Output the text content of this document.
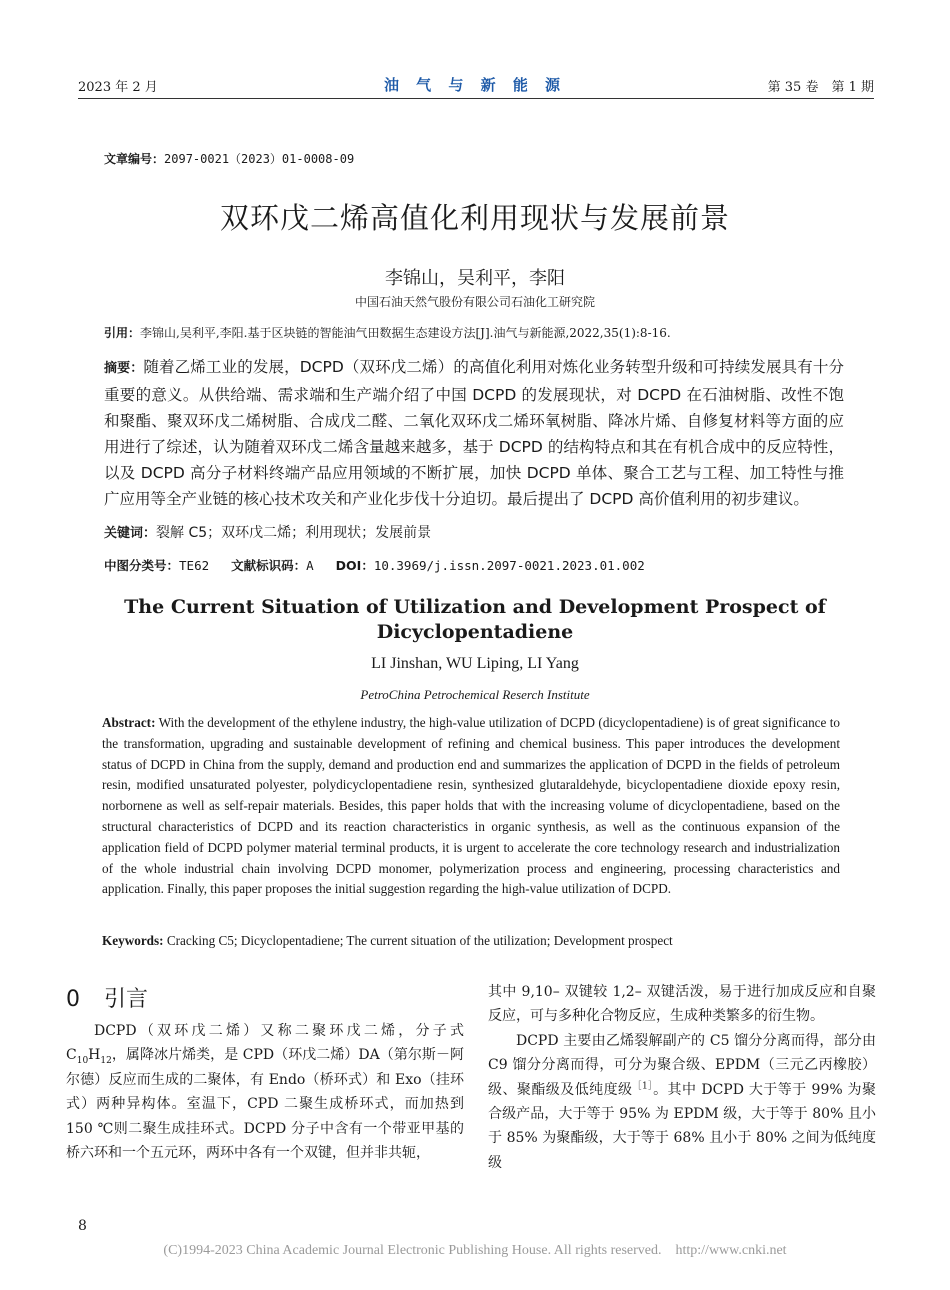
2023 年 2 月	油 气 与 新 能 源	第 35 卷　第 1 期
文章编号：2097-0021（2023）01-0008-09
双环戊二烯高值化利用现状与发展前景
李锦山，吴利平，李阳
中国石油天然气股份有限公司石油化工研究院
引用：李锦山,吴利平,李阳.基于区块链的智能油气田数据生态建设方法[J].油气与新能源,2022,35(1):8-16.
摘要：随着乙烯工业的发展，DCPD（双环戊二烯）的高值化利用对炼化业务转型升级和可持续发展具有十分重要的意义。从供给端、需求端和生产端介绍了中国 DCPD 的发展现状，对 DCPD 在石油树脂、改性不饱和聚酯、聚双环戊二烯树脂、合成戊二醛、二氧化双环戊二烯环氧树脂、降冰片烯、自修复材料等方面的应用进行了综述，认为随着双环戊二烯含量越来越多，基于 DCPD 的结构特点和其在有机合成中的反应特性，以及 DCPD 高分子材料终端产品应用领域的不断扩展，加快 DCPD 单体、聚合工艺与工程、加工特性与推广应用等全产业链的核心技术攻关和产业化步伐十分迫切。最后提出了 DCPD 高价值利用的初步建议。
关键词：裂解 C5；双环戊二烯；利用现状；发展前景
中图分类号：TE62 文献标识码：A DOI：10.3969/j.issn.2097-0021.2023.01.002
The Current Situation of Utilization and Development Prospect of
Dicyclopentadiene
LI Jinshan, WU Liping, LI Yang
PetroChina Petrochemical Reserch Institute
Abstract: With the development of the ethylene industry, the high-value utilization of DCPD (dicyclopentadiene) is of great significance to the transformation, upgrading and sustainable development of refining and chemical business. This paper introduces the development status of DCPD in China from the supply, demand and production end and summarizes the application of DCPD in the fields of petroleum resin, modified unsaturated polyester, polydicyclopentadiene resin, synthesized glutaraldehyde, bicyclopentadiene dioxide epoxy resin, norbornene as well as self-repair materials. Besides, this paper holds that with the increasing volume of dicyclopentadiene, based on the structural characteristics of DCPD and its reaction characteristics in organic synthesis, as well as the continuous expansion of the application field of DCPD polymer material terminal products, it is urgent to accelerate the core technology research and industrialization of the whole industrial chain involving DCPD monomer, polymerization process and engineering, processing characteristics and application. Finally, this paper proposes the initial suggestion regarding the high-value utilization of DCPD.
Keywords: Cracking C5; Dicyclopentadiene; The current situation of the utilization; Development prospect
0 引言

DCPD（双环戊二烯）又称二聚环戊二烯，分子式 $C_{10}H_{12}$，属降冰片烯类，是 CPD（环戊二烯）DA（第尔斯－阿尔德）反应而生成的二聚体，有 Endo（桥环式）和 Exo（挂环式）两种异构体。室温下，CPD 二聚生成桥环式，而加热到 150 ℃则二聚生成挂环式。DCPD 分子中含有一个带亚甲基的桥六环和一个五元环，两环中各有一个双键，但并非共轭，

其中 9,10– 双键较 1,2– 双键活泼，易于进行加成反应和自聚反应，可与多种化合物反应，生成种类繁多的衍生物。

DCPD 主要由乙烯裂解副产的 C5 馏分分离而得，部分由 C9 馏分分离而得，可分为聚合级、EPDM（三元乙丙橡胶）级、聚酯级及低纯度级$^{[1]}$。其中 DCPD 大于等于 99% 为聚合级产品，大于等于 95% 为 EPDM 级，大于等于 80% 且小于 85% 为聚酯级，大于等于 68% 且小于 80% 之间为低纯度级

8
(C)1994-2023 China Academic Journal Electronic Publishing House. All rights reserved.    http://www.cnki.net
